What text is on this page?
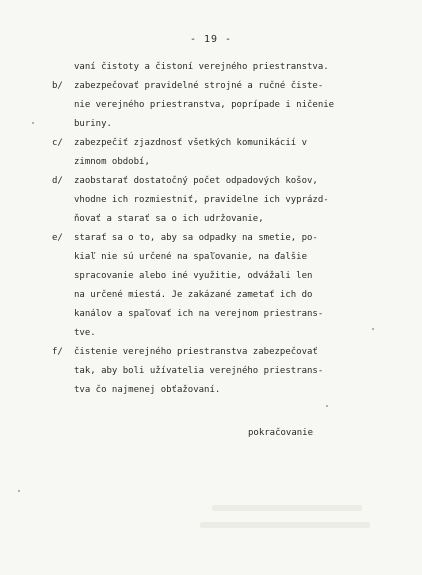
- 19 -
vaní čistoty a čistoní verejného priestranstva.
b/ zabezpečovať pravidelné strojné a ručné čiste-
nie verejného priestranstva, poprípade i ničenie
buriny.
c/ zabezpečiť zjazdnosť všetkých komunikácií v
zimnom období,
d/ zaobstarať dostatočný počet odpadových košov,
vhodne ich rozmiestniť, pravidelne ich vyprázd-
ňovať a starať sa o ich udržovanie,
e/ starať sa o to, aby sa odpadky na smetie, po-
kiaľ nie sú určené na spaľovanie, na ďalšie
spracovanie alebo iné využitie, odvážali len
na určené miestá. Je zakázané zametať ich do
kanálov a spaľovať ich na verejnom priestrans-
tve.
f/ čistenie verejného priestranstva zabezpečovať
tak, aby boli užívatelia verejného priestrans-
tva čo najmenej obťažovaní.
pokračovanie
